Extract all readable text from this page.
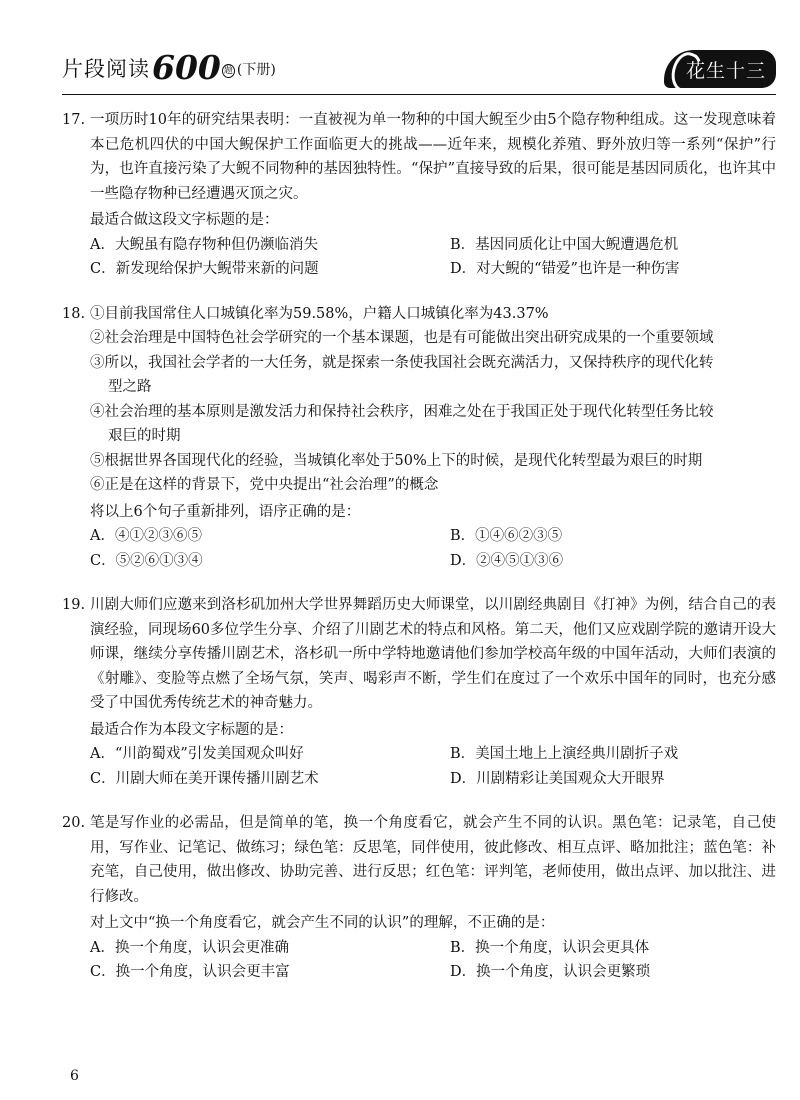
片段阅读 600 题 (下册)	花生十三
17. 一项历时10年的研究结果表明：一直被视为单一物种的中国大鲵至少由5个隐存物种组成。这一发现意味着本已危机四伏的中国大鲵保护工作面临更大的挑战——近年来，规模化养殖、野外放归等一系列“保护”行为，也许直接污染了大鲵不同物种的基因独特性。“保护”直接导致的后果，很可能是基因同质化，也许其中一些隐存物种已经遭遇灭顶之灾。
最适合做这段文字标题的是：
A．大鲵虽有隐存物种但仍濒临消失	B．基因同质化让中国大鲵遭遇危机
C．新发现给保护大鲵带来新的问题	D．对大鲵的“错爱”也许是一种伤害
18. ①目前我国常住人口城镇化率为59.58%，户籍人口城镇化率为43.37%
②社会治理是中国特色社会学研究的一个基本课题，也是有可能做出突出研究成果的一个重要领域
③所以，我国社会学者的一大任务，就是探索一条使我国社会既充满活力，又保持秩序的现代化转
型之路
④社会治理的基本原则是激发活力和保持社会秩序，困难之处在于我国正处于现代化转型任务比较
艰巨的时期
⑤根据世界各国现代化的经验，当城镇化率处于50%上下的时候，是现代化转型最为艰巨的时期
⑥正是在这样的背景下，党中央提出“社会治理”的概念
将以上6个句子重新排列，语序正确的是：
A．④①②③⑥⑤	B．①④⑥②③⑤
C．⑤②⑥①③④	D．②④⑤①③⑥
19. 川剧大师们应邀来到洛杉矶加州大学世界舞蹈历史大师课堂，以川剧经典剧目《打神》为例，结合自己的表演经验，同现场60多位学生分享、介绍了川剧艺术的特点和风格。第二天，他们又应戏剧学院的邀请开设大师课，继续分享传播川剧艺术，洛杉矶一所中学特地邀请他们参加学校高年级的中国年活动，大师们表演的《射雕》、变脸等点燃了全场气氛，笑声、喝彩声不断，学生们在度过了一个欢乐中国年的同时，也充分感受了中国优秀传统艺术的神奇魅力。
最适合作为本段文字标题的是：
A．“川韵蜀戏”引发美国观众叫好	B．美国土地上上演经典川剧折子戏
C．川剧大师在美开课传播川剧艺术	D．川剧精彩让美国观众大开眼界
20. 笔是写作业的必需品，但是简单的笔，换一个角度看它，就会产生不同的认识。黑色笔：记录笔，自己使用，写作业、记笔记、做练习；绿色笔：反思笔，同伴使用，彼此修改、相互点评、略加批注；蓝色笔：补充笔，自己使用，做出修改、协助完善、进行反思；红色笔：评判笔，老师使用，做出点评、加以批注、进行修改。
对上文中“换一个角度看它，就会产生不同的认识”的理解，不正确的是：
A．换一个角度，认识会更准确	B．换一个角度，认识会更具体
C．换一个角度，认识会更丰富	D．换一个角度，认识会更繁琐
6
